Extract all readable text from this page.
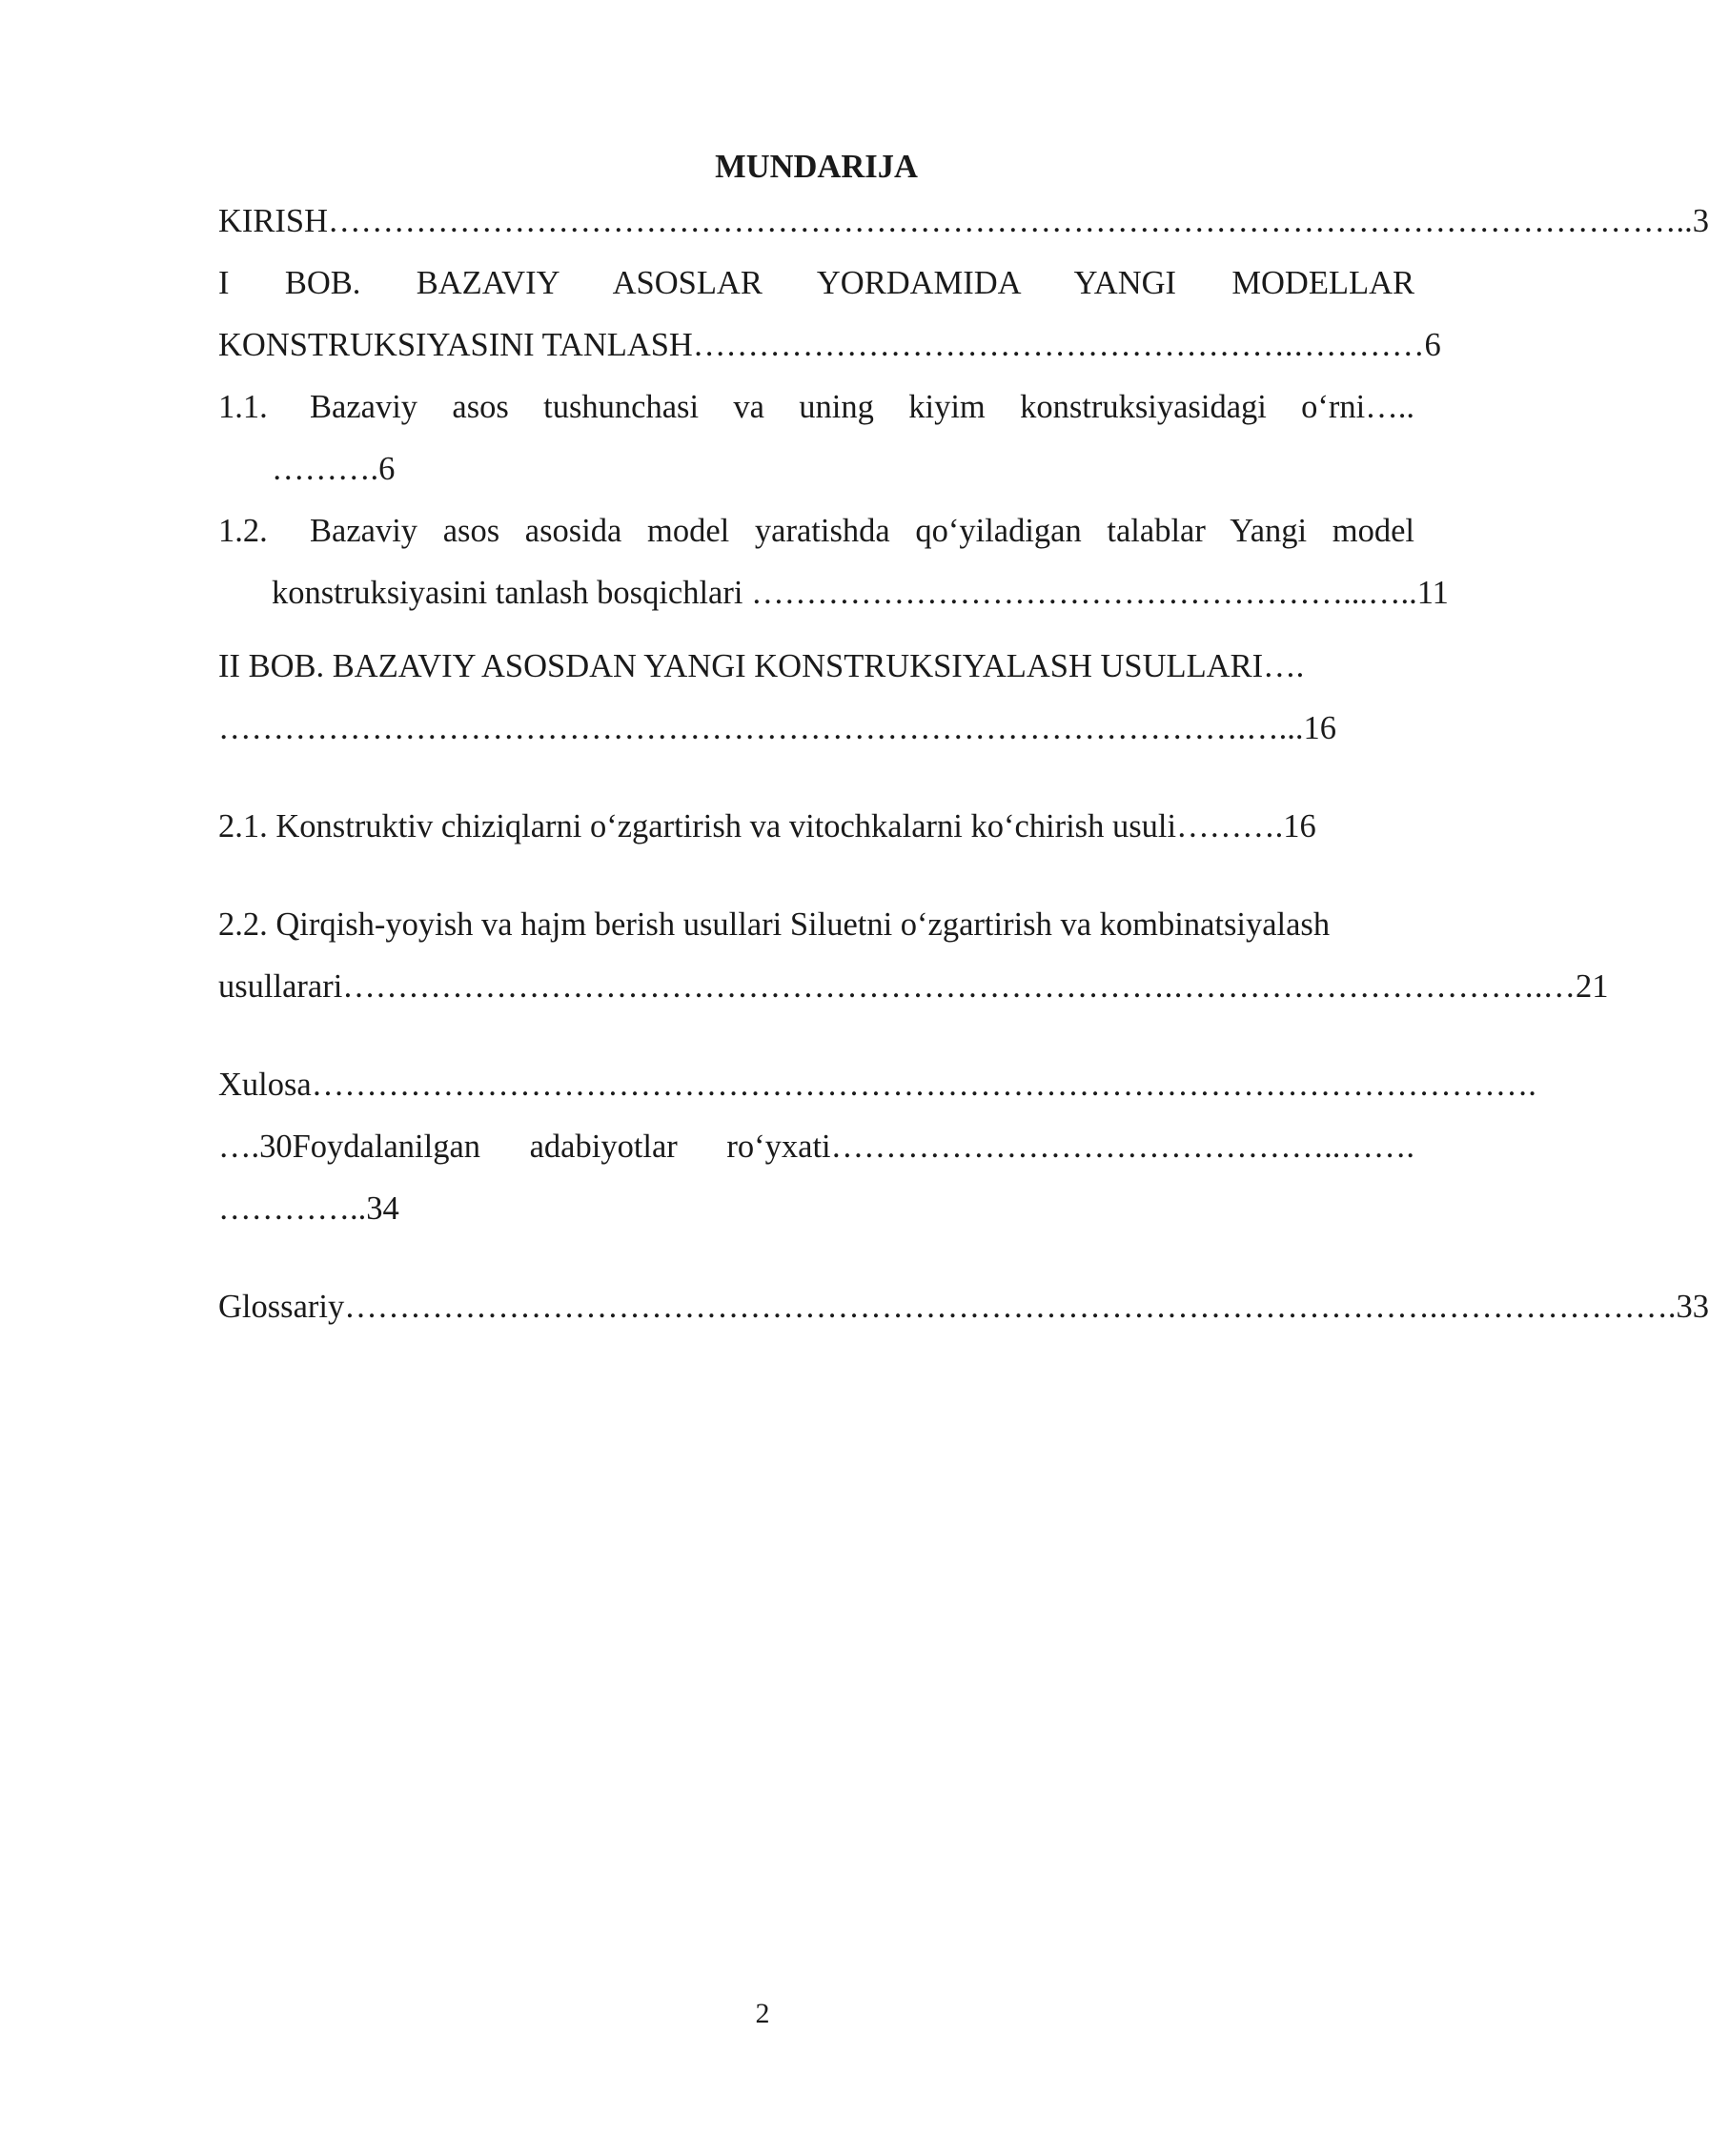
MUNDARIJA

KIRISH……………………………………………………………………………………………………………..3

I BOB. BAZAVIY ASOSLAR YORDAMIDA YANGI MODELLAR

KONSTRUKSIYASINI TANLASH……………………………………………….…………6

1.1. Bazaviy asos tushunchasi va uning kiyim konstruksiyasidagi o‘rni…..

……….6

1.2. Bazaviy asos asosida model yaratishda qo‘yiladigan talablar Yangi model

konstruksiyasini tanlash bosqichlari ………………………………………………...…..11

II BOB. BAZAVIY ASOSDAN YANGI KONSTRUKSIYALASH USULLARI….

………………………………………………………………………………….…...16

2.1. Konstruktiv chiziqlarni o‘zgartirish va vitochkalarni ko‘chirish usuli……….16

2.2. Qirqish-yoyish va hajm berish usullari Siluetni o‘zgartirish va kombinatsiyalash

usullarari………………………………………………………………….…………………………….…21

Xulosa………………………………………………………………………………………………….

….30Foydalanilgan adabiyotlar ro‘yxati………………………………………..…….

…………..34

Glossariy……………………………………………………………………………………….………………….33

2
